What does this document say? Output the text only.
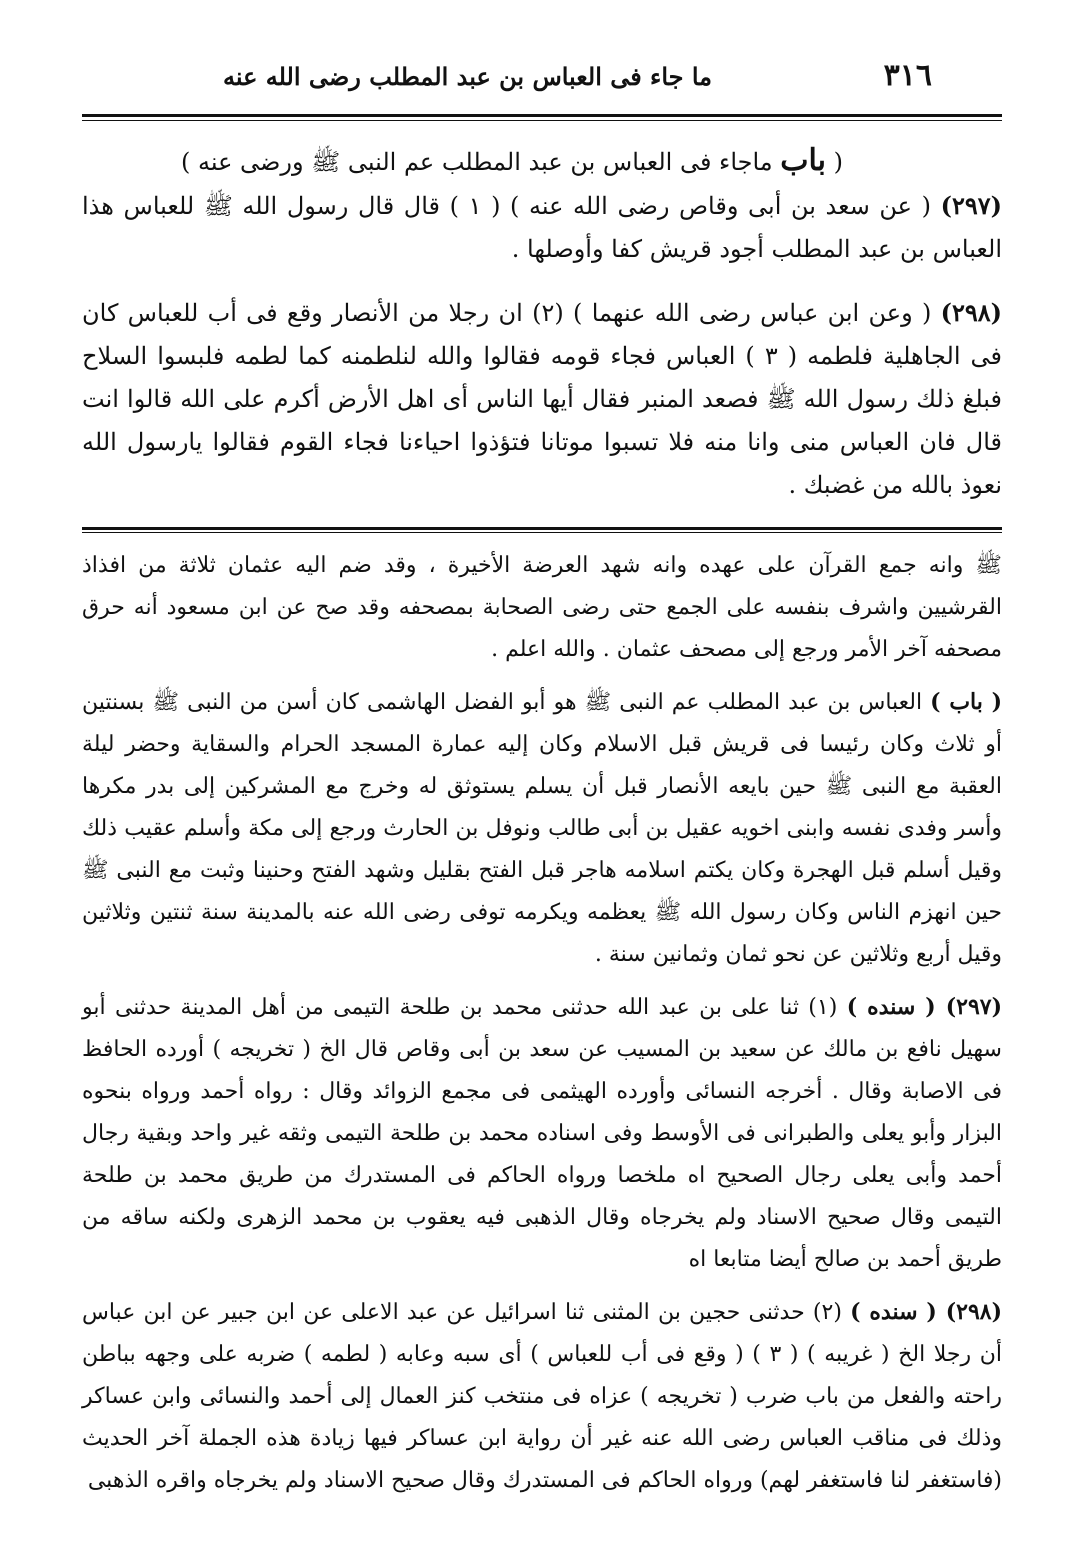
٣١٦
ما جاء فى العباس بن عبد المطلب رضى الله عنه
( باب ماجاء فى العباس بن عبد المطلب عم النبى ﷺ ورضى عنه )
(٢٩٧) ( عن سعد بن أبى وقاص رضى الله عنه ) ( ١ ) قال قال رسول الله ﷺ للعباس هذا العباس بن عبد المطلب أجود قريش كفا وأوصلها .
(٢٩٨) ( وعن ابن عباس رضى الله عنهما ) (٢) ان رجلا من الأنصار وقع فى أب للعباس كان فى الجاهلية فلطمه ( ٣ ) العباس فجاء قومه فقالوا والله لنلطمنه كما لطمه فلبسوا السلاح فبلغ ذلك رسول الله ﷺ فصعد المنبر فقال أيها الناس أى اهل الأرض أكرم على الله قالوا انت قال فان العباس منى وانا منه فلا تسبوا موتانا فتؤذوا احياءنا فجاء القوم فقالوا يارسول الله نعوذ بالله من غضبك .

ﷺ وانه جمع القرآن على عهده وانه شهد العرضة الأخيرة ، وقد ضم اليه عثمان ثلاثة من افذاذ القرشيين واشرف بنفسه على الجمع حتى رضى الصحابة بمصحفه وقد صح عن ابن مسعود أنه حرق مصحفه آخر الأمر ورجع إلى مصحف عثمان . والله اعلم .

( باب ) العباس بن عبد المطلب عم النبى ﷺ هو أبو الفضل الهاشمى كان أسن من النبى ﷺ بسنتين أو ثلاث وكان رئيسا فى قريش قبل الاسلام وكان إليه عمارة المسجد الحرام والسقاية وحضر ليلة العقبة مع النبى ﷺ حين بايعه الأنصار قبل أن يسلم يستوثق له وخرج مع المشركين إلى بدر مكرها وأسر وفدى نفسه وابنى اخويه عقيل بن أبى طالب ونوفل بن الحارث ورجع إلى مكة وأسلم عقيب ذلك وقيل أسلم قبل الهجرة وكان يكتم اسلامه هاجر قبل الفتح بقليل وشهد الفتح وحنينا وثبت مع النبى ﷺ حين انهزم الناس وكان رسول الله ﷺ يعظمه ويكرمه توفى رضى الله عنه بالمدينة سنة ثنتين وثلاثين وقيل أربع وثلاثين عن نحو ثمان وثمانين سنة .

(٢٩٧) ( سنده ) (١) ثنا على بن عبد الله حدثنى محمد بن طلحة التيمى من أهل المدينة حدثنى أبو سهيل نافع بن مالك عن سعيد بن المسيب عن سعد بن أبى وقاص قال الخ ( تخريجه ) أورده الحافظ فى الاصابة وقال . أخرجه النسائى وأورده الهيثمى فى مجمع الزوائد وقال : رواه أحمد ورواه بنحوه البزار وأبو يعلى والطبرانى فى الأوسط وفى اسناده محمد بن طلحة التيمى وثقه غير واحد وبقية رجال أحمد وأبى يعلى رجال الصحيح اه ملخصا ورواه الحاكم فى المستدرك من طريق محمد بن طلحة التيمى وقال صحيح الاسناد ولم يخرجاه وقال الذهبى فيه يعقوب بن محمد الزهرى ولكنه ساقه من طريق أحمد بن صالح أيضا متابعا اه

(٢٩٨) ( سنده ) (٢) حدثنى حجين بن المثنى ثنا اسرائيل عن عبد الاعلى عن ابن جبير عن ابن عباس أن رجلا الخ ( غريبه ) ( ٣ ) ( وقع فى أب للعباس ) أى سبه وعابه ( لطمه ) ضربه على وجهه بباطن راحته والفعل من باب ضرب ( تخريجه ) عزاه فى منتخب كنز العمال إلى أحمد والنسائى وابن عساكر وذلك فى مناقب العباس رضى الله عنه غير أن رواية ابن عساكر فيها زيادة هذه الجملة آخر الحديث (فاستغفر لنا فاستغفر لهم) ورواه الحاكم فى المستدرك وقال صحيح الاسناد ولم يخرجاه واقره الذهبى
